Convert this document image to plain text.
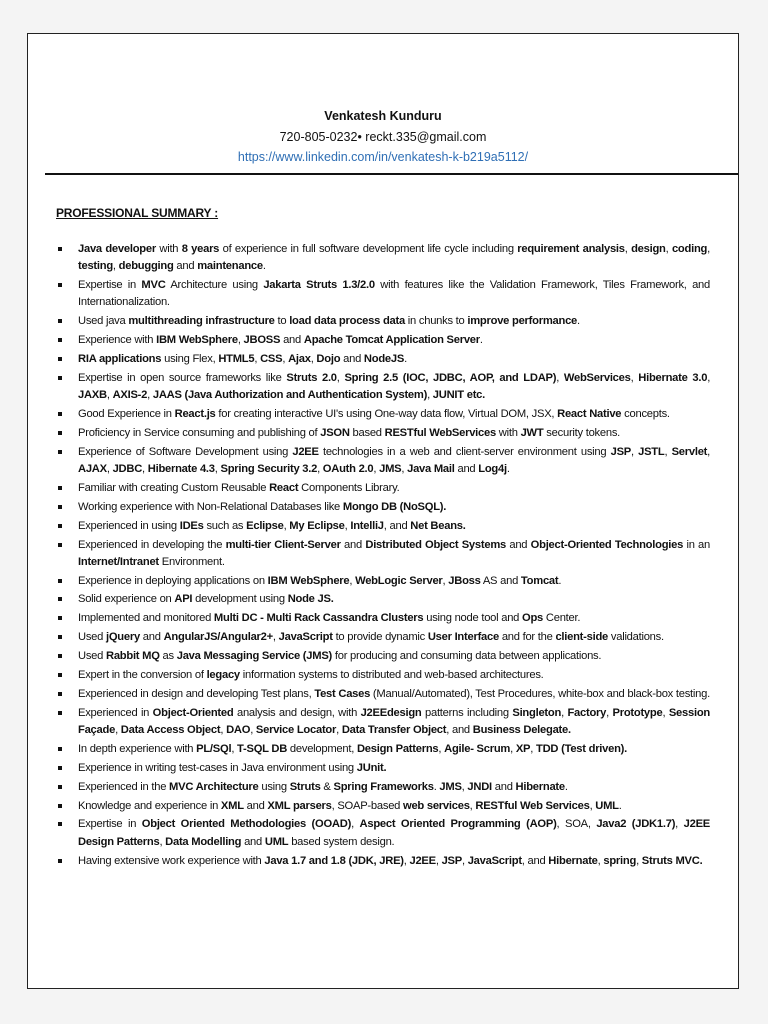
Venkatesh Kunduru
720-805-0232• reckt.335@gmail.com
https://www.linkedin.com/in/venkatesh-k-b219a5112/
PROFESSIONAL SUMMARY :
Java developer with 8 years of experience in full software development life cycle including requirement analysis, design, coding, testing, debugging and maintenance.
Expertise in MVC Architecture using Jakarta Struts 1.3/2.0 with features like the Validation Framework, Tiles Framework, and Internationalization.
Used java multithreading infrastructure to load data process data in chunks to improve performance.
Experience with IBM WebSphere, JBOSS and Apache Tomcat Application Server.
RIA applications using Flex, HTML5, CSS, Ajax, Dojo and NodeJS.
Expertise in open source frameworks like Struts 2.0, Spring 2.5 (IOC, JDBC, AOP, and LDAP), WebServices, Hibernate 3.0, JAXB, AXIS-2, JAAS (Java Authorization and Authentication System), JUNIT etc.
Good Experience in React.js for creating interactive UI's using One-way data flow, Virtual DOM, JSX, React Native concepts.
Proficiency in Service consuming and publishing of JSON based RESTful WebServices with JWT security tokens.
Experience of Software Development using J2EE technologies in a web and client-server environment using JSP, JSTL, Servlet, AJAX, JDBC, Hibernate 4.3, Spring Security 3.2, OAuth 2.0, JMS, Java Mail and Log4j.
Familiar with creating Custom Reusable React Components Library.
Working experience with Non-Relational Databases like Mongo DB (NoSQL).
Experienced in using IDEs such as Eclipse, My Eclipse, IntelliJ, and Net Beans.
Experienced in developing the multi-tier Client-Server and Distributed Object Systems and Object-Oriented Technologies in an Internet/Intranet Environment.
Experience in deploying applications on IBM WebSphere, WebLogic Server, JBoss AS and Tomcat.
Solid experience on API development using Node JS.
Implemented and monitored Multi DC - Multi Rack Cassandra Clusters using node tool and Ops Center.
Used jQuery and AngularJS/Angular2+, JavaScript to provide dynamic User Interface and for the client-side validations.
Used Rabbit MQ as Java Messaging Service (JMS) for producing and consuming data between applications.
Expert in the conversion of legacy information systems to distributed and web-based architectures.
Experienced in design and developing Test plans, Test Cases (Manual/Automated), Test Procedures, white-box and black-box testing.
Experienced in Object-Oriented analysis and design, with J2EEdesign patterns including Singleton, Factory, Prototype, Session Façade, Data Access Object, DAO, Service Locator, Data Transfer Object, and Business Delegate.
In depth experience with PL/SQl, T-SQL DB development, Design Patterns, Agile- Scrum, XP, TDD (Test driven).
Experience in writing test-cases in Java environment using JUnit.
Experienced in the MVC Architecture using Struts & Spring Frameworks. JMS, JNDI and Hibernate.
Knowledge and experience in XML and XML parsers, SOAP-based web services, RESTful Web Services, UML.
Expertise in Object Oriented Methodologies (OOAD), Aspect Oriented Programming (AOP), SOA, Java2 (JDK1.7), J2EE Design Patterns, Data Modelling and UML based system design.
Having extensive work experience with Java 1.7 and 1.8 (JDK, JRE), J2EE, JSP, JavaScript, and Hibernate, spring, Struts MVC.
